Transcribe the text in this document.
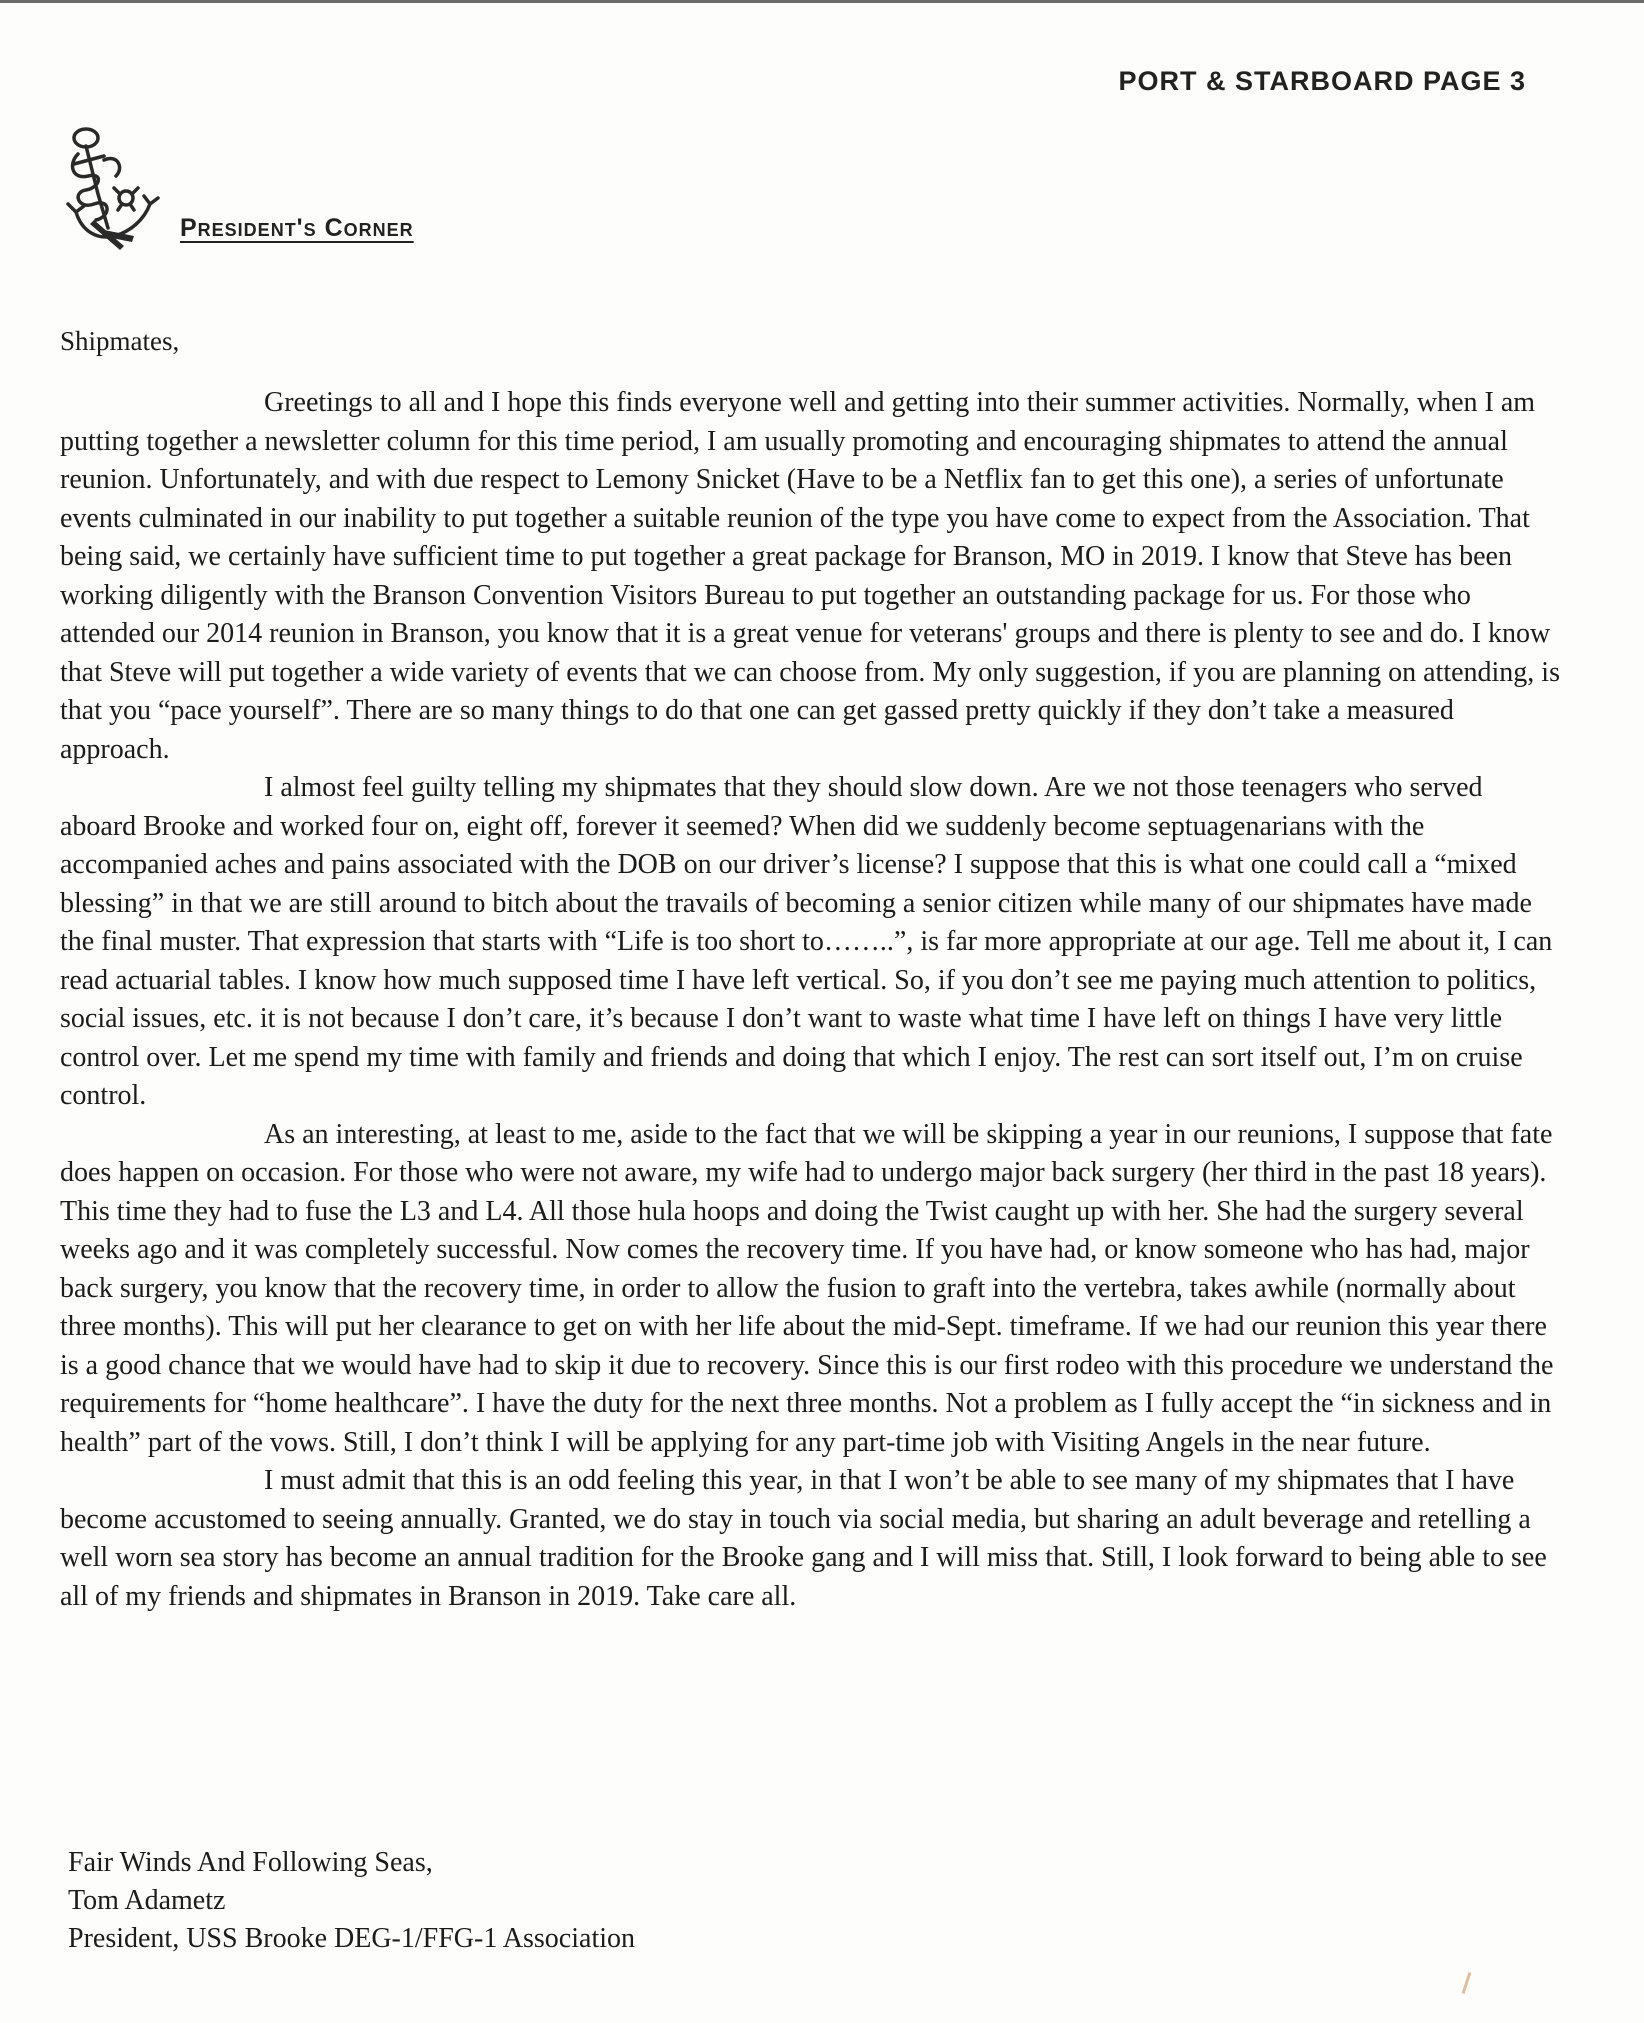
PORT & STARBOARD PAGE 3
President's Corner
Shipmates,

Greetings to all and I hope this finds everyone well and getting into their summer activities. Normally, when I am putting together a newsletter column for this time period, I am usually promoting and encouraging shipmates to attend the annual reunion. Unfortunately, and with due respect to Lemony Snicket (Have to be a Netflix fan to get this one), a series of unfortunate events culminated in our inability to put together a suitable reunion of the type you have come to expect from the Association. That being said, we certainly have sufficient time to put together a great package for Branson, MO in 2019. I know that Steve has been working diligently with the Branson Convention Visitors Bureau to put together an outstanding package for us. For those who attended our 2014 reunion in Branson, you know that it is a great venue for veterans' groups and there is plenty to see and do. I know that Steve will put together a wide variety of events that we can choose from. My only suggestion, if you are planning on attending, is that you “pace yourself”. There are so many things to do that one can get gassed pretty quickly if they don’t take a measured approach.

I almost feel guilty telling my shipmates that they should slow down. Are we not those teenagers who served aboard Brooke and worked four on, eight off, forever it seemed? When did we suddenly become septuagenarians with the accompanied aches and pains associated with the DOB on our driver’s license? I suppose that this is what one could call a “mixed blessing” in that we are still around to bitch about the travails of becoming a senior citizen while many of our shipmates have made the final muster. That expression that starts with “Life is too short to……..”, is far more appropriate at our age. Tell me about it, I can read actuarial tables. I know how much supposed time I have left vertical. So, if you don’t see me paying much attention to politics, social issues, etc. it is not because I don’t care, it’s because I don’t want to waste what time I have left on things I have very little control over. Let me spend my time with family and friends and doing that which I enjoy. The rest can sort itself out, I’m on cruise control.

As an interesting, at least to me, aside to the fact that we will be skipping a year in our reunions, I suppose that fate does happen on occasion. For those who were not aware, my wife had to undergo major back surgery (her third in the past 18 years). This time they had to fuse the L3 and L4. All those hula hoops and doing the Twist caught up with her. She had the surgery several weeks ago and it was completely successful. Now comes the recovery time. If you have had, or know someone who has had, major back surgery, you know that the recovery time, in order to allow the fusion to graft into the vertebra, takes awhile (normally about three months). This will put her clearance to get on with her life about the mid-Sept. timeframe. If we had our reunion this year there is a good chance that we would have had to skip it due to recovery. Since this is our first rodeo with this procedure we understand the requirements for “home healthcare”. I have the duty for the next three months. Not a problem as I fully accept the “in sickness and in health” part of the vows. Still, I don’t think I will be applying for any part-time job with Visiting Angels in the near future.

I must admit that this is an odd feeling this year, in that I won’t be able to see many of my shipmates that I have become accustomed to seeing annually. Granted, we do stay in touch via social media, but sharing an adult beverage and retelling a well worn sea story has become an annual tradition for the Brooke gang and I will miss that. Still, I look forward to being able to see all of my friends and shipmates in Branson in 2019. Take care all.

Fair Winds And Following Seas,
Tom Adametz
President, USS Brooke DEG-1/FFG-1 Association
